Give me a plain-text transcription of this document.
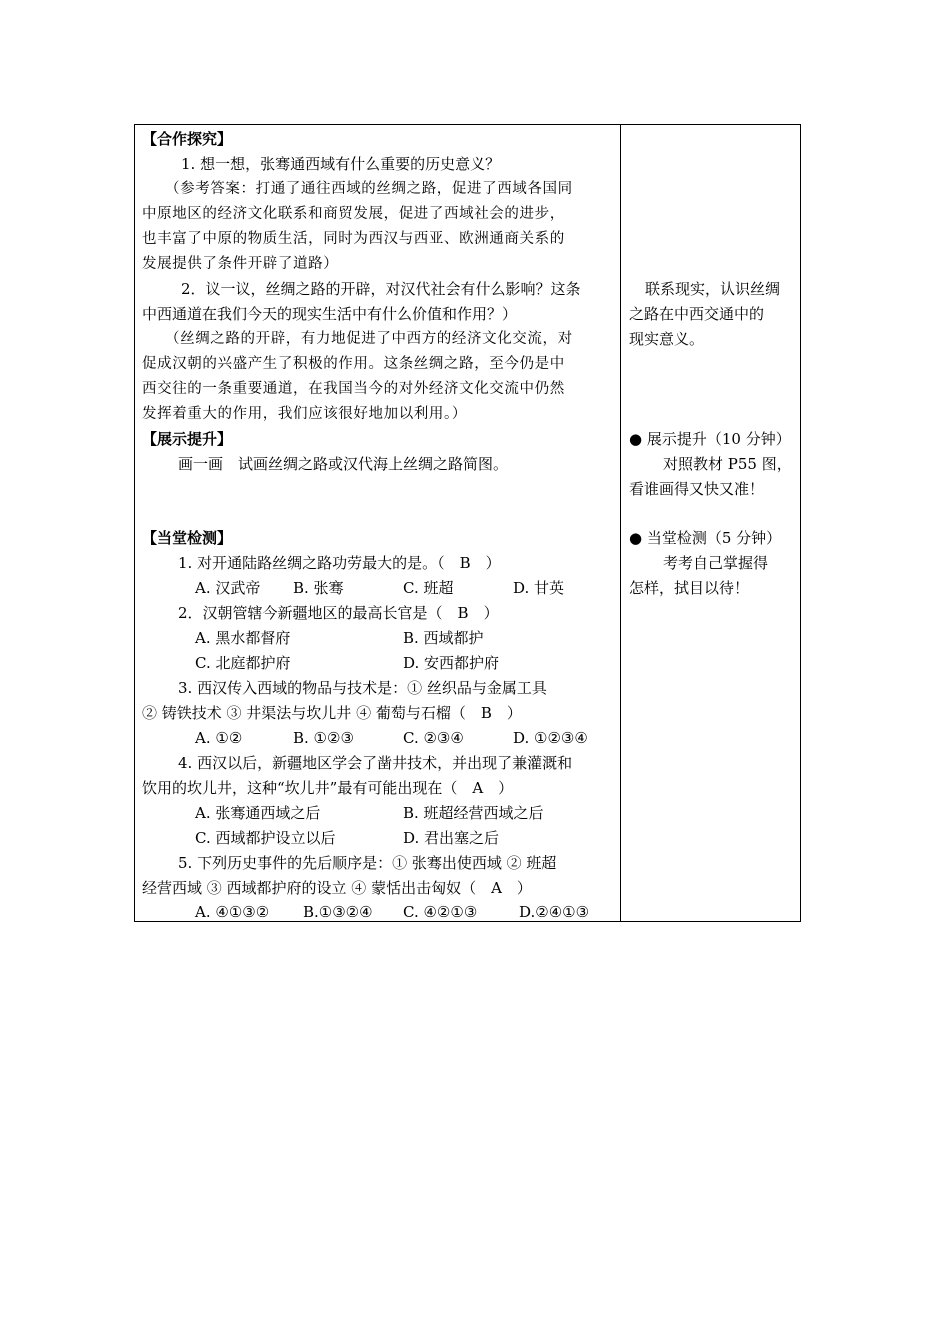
【合作探究】
1. 想一想，张骞通西域有什么重要的历史意义？
（参考答案：打通了通往西域的丝绸之路，促进了西域各国同
中原地区的经济文化联系和商贸发展，促进了西域社会的进步，
也丰富了中原的物质生活，同时为西汉与西亚、欧洲通商关系的
发展提供了条件开辟了道路）
2．议一议，丝绸之路的开辟，对汉代社会有什么影响？这条
中西通道在我们今天的现实生活中有什么价值和作用？）
（丝绸之路的开辟，有力地促进了中西方的经济文化交流，对
促成汉朝的兴盛产生了积极的作用。这条丝绸之路，至今仍是中
西交往的一条重要通道，在我国当今的对外经济文化交流中仍然
发挥着重大的作用，我们应该很好地加以利用。）
【展示提升】
画一画　试画丝绸之路或汉代海上丝绸之路简图。
【当堂检测】
1. 对开通陆路丝绸之路功劳最大的是。（　B　）
A. 汉武帝 B. 张骞	C. 班超	D. 甘英
2．汉朝管辖今新疆地区的最高长官是（　B　）
A. 黑水都督府	B. 西域都护
C. 北庭都护府	D. 安西都护府
3. 西汉传入西域的物品与技术是：① 丝织品与金属工具
② 铸铁技术 ③ 井渠法与坎儿井 ④ 葡萄与石榴（　B　）
A. ①②	B. ①②③	C. ②③④	D. ①②③④
4. 西汉以后，新疆地区学会了凿井技术，并出现了兼灌溉和
饮用的坎儿井，这种“坎儿井”最有可能出现在（　A　）
A. 张骞通西域之后	B. 班超经营西域之后
C. 西域都护设立以后	D. 君出塞之后
5. 下列历史事件的先后顺序是：① 张骞出使西域 ② 班超
经营西域 ③ 西域都护府的设立 ④ 蒙恬出击匈奴（　A　）
A. ④①③② B.①③②④ C. ④②①③	D.②④①③
联系现实，认识丝绸
之路在中西交通中的
现实意义。
● 展示提升（10 分钟）
对照教材 P55 图，
看谁画得又快又准！
● 当堂检测（5 分钟）
考考自己掌握得
怎样，拭目以待！
